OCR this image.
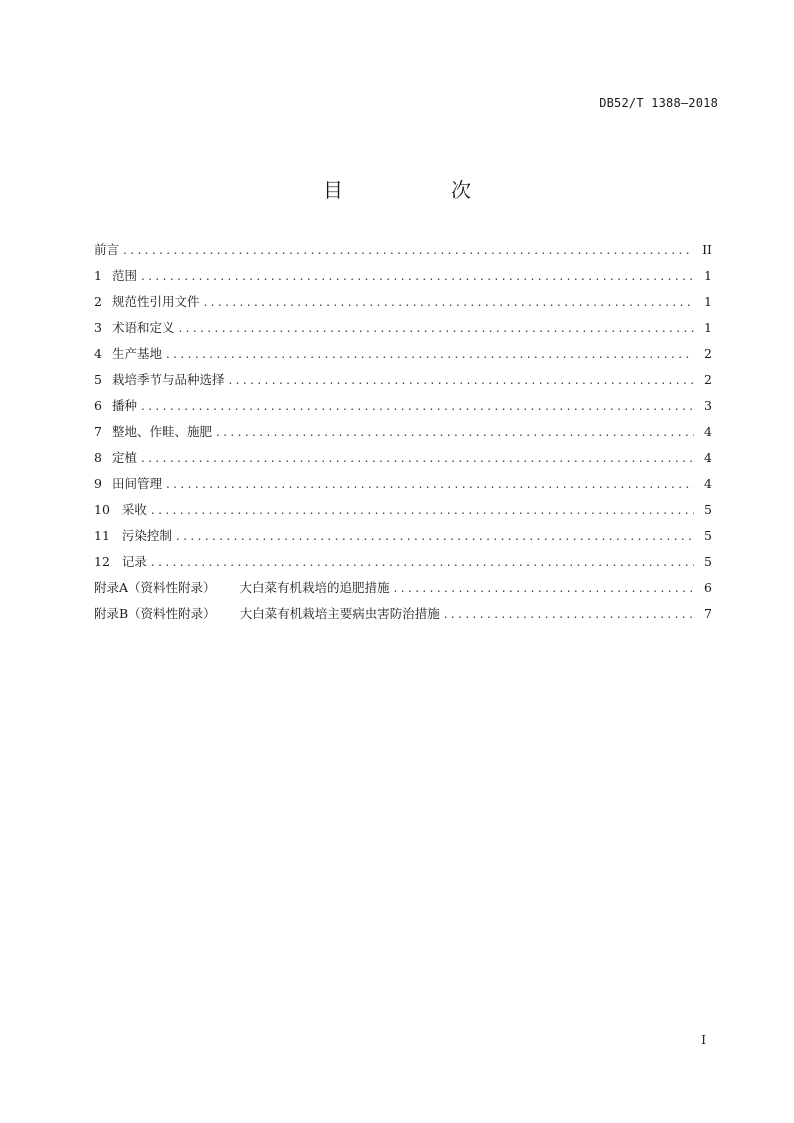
DB52/T 1388—2018
目　次
前言 .....	II
1 范围 .....	1
2 规范性引用文件 .....	1
3 术语和定义 .....	1
4 生产基地 .....	2
5 栽培季节与品种选择 .....	2
6 播种 .....	3
7 整地、作畦、施肥 .....	4
8 定植 .....	4
9 田间管理 .....	4
10 采收 .....	5
11 污染控制 .....	5
12 记录 .....	5
附录A（资料性附录） 大白菜有机栽培的追肥措施 .....	6
附录B（资料性附录） 大白菜有机栽培主要病虫害防治措施 .....	7
I
